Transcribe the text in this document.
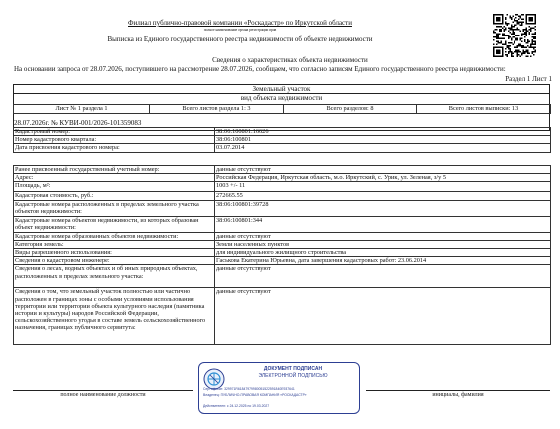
Филиал публично-правовой компании «Роскадастр» по Иркутской области
полное наименование органа регистрации прав
Выписка из Единого государственного реестра недвижимости об объекте недвижимости
Сведения о характеристиках объекта недвижимости
На основании запроса от 28.07.2026, поступившего на рассмотрение 28.07.2026, сообщаем, что согласно записям Единого государственного реестра недвижимости:
Раздел 1 Лист 1
Земельный участок
вид объекта недвижимости
Лист № 1 раздела 1	Всего листов раздела 1: 3	Всего разделов: 8	Всего листов выписки: 13
28.07.2026г. № КУВИ-001/2026-101359083
Кадастровый номер:	38:06:100801:16626
Номер кадастрового квартала:	38:06:100801
Дата присвоения кадастрового номера:	03.07.2014
Ранее присвоенный государственный учетный номер:	данные отсутствуют
Адрес:	Российская Федерация, Иркутская область, м.о. Иркутский, с. Урик, ул. Зеленая, з/у 5
Площадь, м²:	1003 +/- 11
Кадастровая стоимость, руб.:	272665.55
Кадастровые номера расположенных в пределах земельного участка объектов недвижимости:	38:06:100801:39728
Кадастровые номера объектов недвижимости, из которых образован объект недвижимости:	38:06:100801:344
Кадастровые номера образованных объектов недвижимости:	данные отсутствуют
Категория земель:	Земли населенных пунктов
Виды разрешенного использования:	для индивидуального жилищного строительства
Сведения о кадастровом инженере:	Гаськова Екатерина Юрьевна, дата завершения кадастровых работ: 23.06.2014
Сведения о лесах, водных объектах и об иных природных объектах, расположенных в пределах земельного участка:	данные отсутствуют
Сведения о том, что земельный участок полностью или частично расположен в границах зоны с особыми условиями использования территории или территории объекта культурного наследия (памятника истории и культуры) народов Российской Федерации, сельскохозяйственного угодья в составе земель сельскохозяйственного назначения, границах публичного сервитута:	данные отсутствуют
полное наименование должности	инициалы, фамилия
ДОКУМЕНТ ПОДПИСАН
ЭЛЕКТРОННОЙ ПОДПИСЬЮ
Сертификат: 329971R61847979980051522591840E937641
Владелец: ПУБЛИЧНО-ПРАВОВАЯ КОМПАНИЯ «РОСКАДАСТР»
Действителен: с 24.12.2025 по 19.03.2027
